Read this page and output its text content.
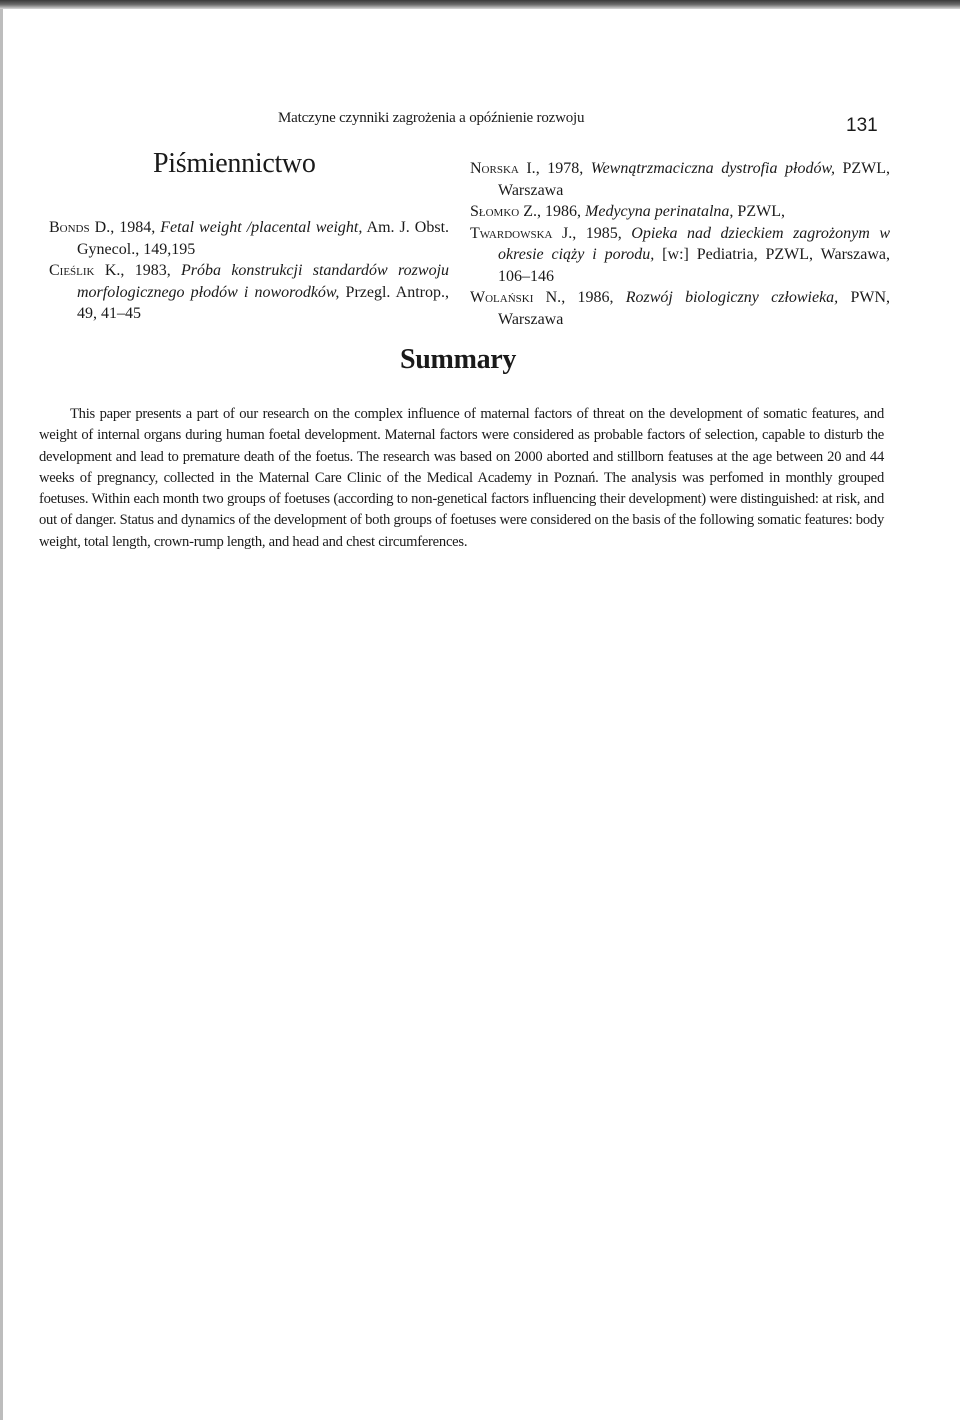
Matczyne czynniki zagrożenia a opóźnienie rozwoju	131
Piśmiennictwo
Bonds D., 1984, Fetal weight /placental weight, Am. J. Obst. Gynecol., 149,195
Cieślik K., 1983, Próba konstrukcji standardów rozwoju morfologicznego płodów i noworodków, Przegl. Antrop., 49, 41–45
Norska I., 1978, Wewnątrzmaciczna dystrofia płodów, PZWL, Warszawa
Słomko Z., 1986, Medycyna perinatalna, PZWL,
Twardowska J., 1985, Opieka nad dzieckiem zagrożonym w okresie ciąży i porodu, [w:] Pediatria, PZWL, Warszawa, 106–146
Wolański N., 1986, Rozwój biologiczny człowieka, PWN, Warszawa
Summary

This paper presents a part of our research on the complex influence of maternal factors of threat on the development of somatic features, and weight of internal organs during human foetal development. Maternal factors were considered as probable factors of selection, capable to disturb the development and lead to premature death of the foetus. The research was based on 2000 aborted and stillborn featuses at the age between 20 and 44 weeks of pregnancy, collected in the Maternal Care Clinic of the Medical Academy in Poznań. The analysis was perfomed in monthly grouped foetuses. Within each month two groups of foetuses (according to non-genetical factors influencing their development) were distinguished: at risk, and out of danger. Status and dynamics of the development of both groups of foetuses were considered on the basis of the following somatic features: body weight, total length, crown-rump length, and head and chest circumferences.
